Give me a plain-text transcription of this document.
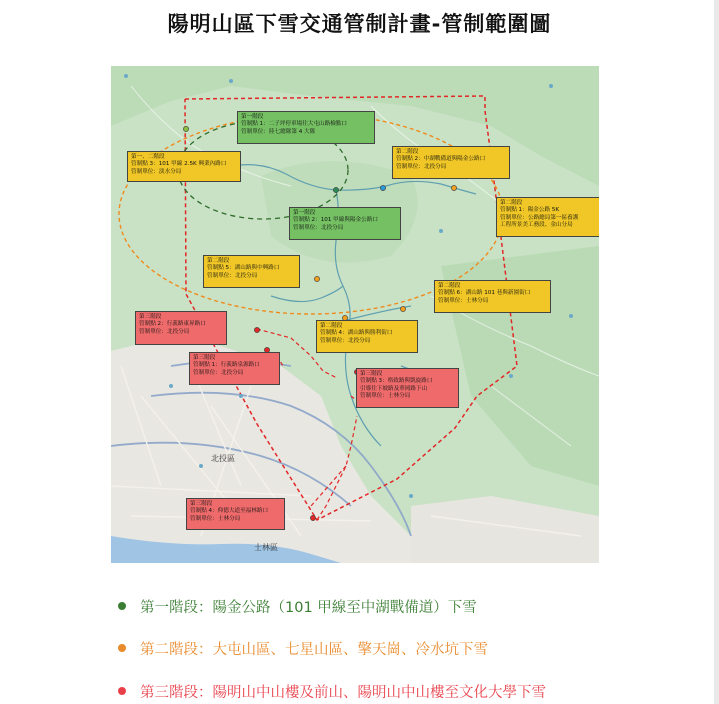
陽明山區下雪交通管制計畫-管制範圍圖
北投區
士林區
第一階段
管制點 1：二子坪停車場往大屯山路檢點口
管制單位：陸七總隊第 4 大隊
第一、二階段
管制點 3：101 甲線 2.5K 興業內路口
管制單位：淡水分局
第一階段
管制點 2：101 甲線與陽金公路口
管制單位：北投分局
第二階段
管制點 2：中湖戰備道與陽金公路口
管制單位：北投分局
第二階段
管制點 1：陽金公路 5K
管制單位：公路總局第一區養護
工程所景美工務段、金山分局
第二階段
管制點 5：湖山路與中興路口
管制單位：北投分局
第二階段
管制點 6：湖山路 101 巷與新園街口
管制單位：士林分局
第二階段
管制點 4：湖山路與勝利街口
管制單位：北投分局
第三階段
管制點 2：行義路東昇路口
管制單位：北投分局
第三階段
管制點 1：行義路泉源路口
管制單位：北投分局	第三階段
管制點 3：格致路與凱旋路口
引導往下坡路及華岡路下山
管制單位：士林分局
第三階段
管制點 4：仰德大道至福林路口
管制單位：士林分局
第一階段：陽金公路（101 甲線至中湖戰備道）下雪
第二階段：大屯山區、七星山區、擎天崗、冷水坑下雪
第三階段：陽明山中山樓及前山、陽明山中山樓至文化大學下雪
